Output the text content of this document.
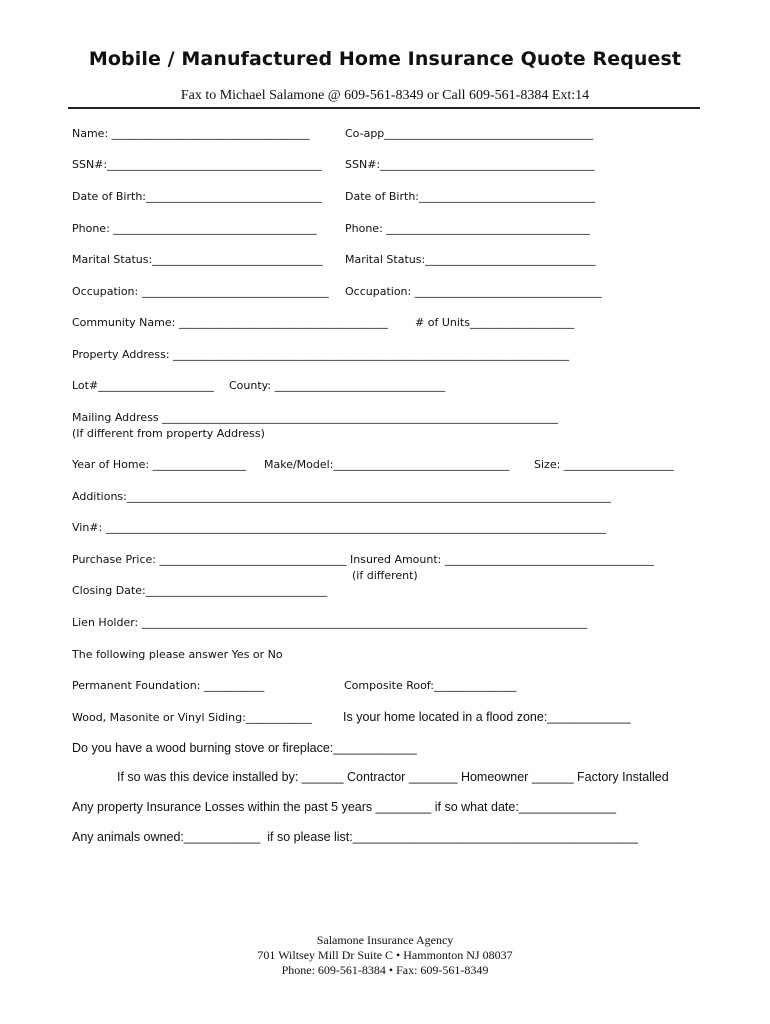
Mobile / Manufactured Home Insurance Quote Request
Fax to Michael Salamone @ 609-561-8349 or Call 609-561-8384 Ext:14
Name: ____________________________________	Co-app______________________________________
SSN#:_______________________________________ SSN#:_______________________________________
Date of Birth:________________________________ Date of Birth:________________________________
Phone: _____________________________________	Phone: _____________________________________
Marital Status:_______________________________ Marital Status:_______________________________
Occupation: __________________________________ Occupation: __________________________________
Community Name: ______________________________________ # of Units___________________
Property Address: ________________________________________________________________________
Lot#_____________________ County: _______________________________
Mailing Address ________________________________________________________________________
(If different from property Address)
Year of Home: _________________ Make/Model:________________________________ Size: ____________________
Additions:________________________________________________________________________________________
Vin#: ___________________________________________________________________________________________
Purchase Price: __________________________________ Insured Amount: ______________________________________
(if different)
Closing Date:_________________________________
Lien Holder: _________________________________________________________________________________
The following please answer Yes or No
Permanent Foundation: ___________	Composite Roof:_______________
Wood, Masonite or Vinyl Siding:____________ Is your home located in a flood zone:____________
Do you have a wood burning stove or fireplace:____________
If so was this device installed by: ______ Contractor _______ Homeowner ______ Factory Installed
Any property Insurance Losses within the past 5 years ________ if so what date:______________
Any animals owned:___________  if so please list:_________________________________________
Salamone Insurance Agency
701 Wiltsey Mill Dr Suite C • Hammonton NJ 08037
Phone: 609-561-8384 • Fax: 609-561-8349
